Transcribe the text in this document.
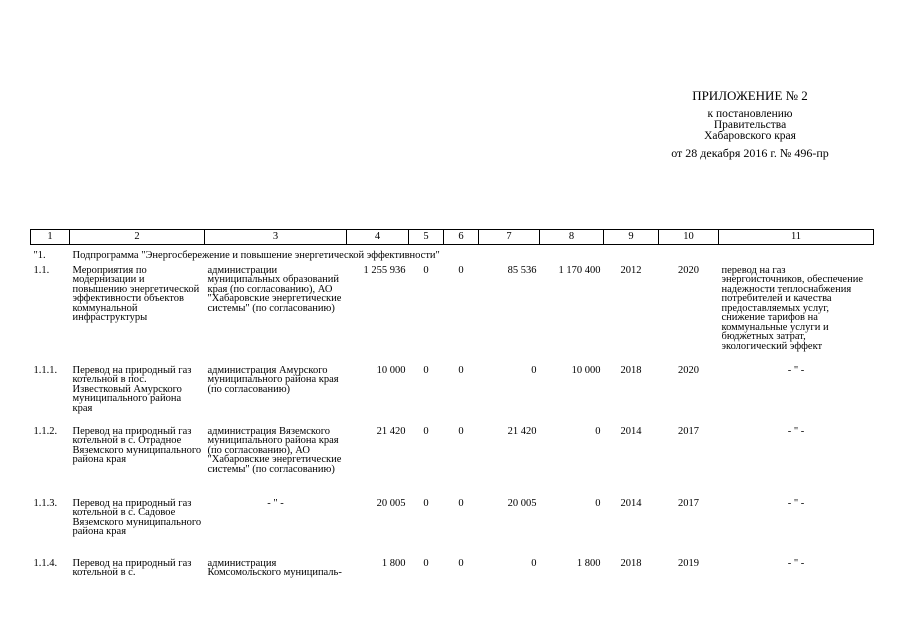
ПРИЛОЖЕНИЕ № 2
к постановлению
Правительства
Хабаровского края
от 28 декабря 2016 г. № 496-пр
1	2	3	4	5	6	7	8	9	10	11
"1.	Подпрограмма "Энергосбережение и повышение энергетической эффективности"									
1.1.	Мероприятия по модернизации и повышению энергетической эффективности объектов коммунальной инфраструктуры	администрации муниципальных образований края (по согласованию), АО "Хабаровские энергетические системы" (по согласованию)	1 255 936	0	0	85 536	1 170 400	2012	2020	перевод на газ энергоисточников, обеспечение надежности теплоснабжения потребителей и качества предоставляемых услуг, снижение тарифов на коммунальные услуги и бюджетных затрат, экологический эффект
1.1.1.	Перевод на природный газ котельной в пос. Известковый Амурского муниципального района края	администрация Амурского муниципального района края (по согласованию)	10 000	0	0	0	10 000	2018	2020	- " -
1.1.2.	Перевод на природный газ котельной в с. Отрадное Вяземского муниципального района края	администрация Вяземского муниципального района края (по согласованию), АО "Хабаровские энергетические системы" (по согласованию)	21 420	0	0	21 420	0	2014	2017	- " -
1.1.3.	Перевод на природный газ котельной в с. Садовое Вяземского муниципального района края	- " -	20 005	0	0	20 005	0	2014	2017	- " -
1.1.4.	Перевод на природный газ котельной в с.	администрация Комсомольского муниципаль-	1 800	0	0	0	1 800	2018	2019	- " -
